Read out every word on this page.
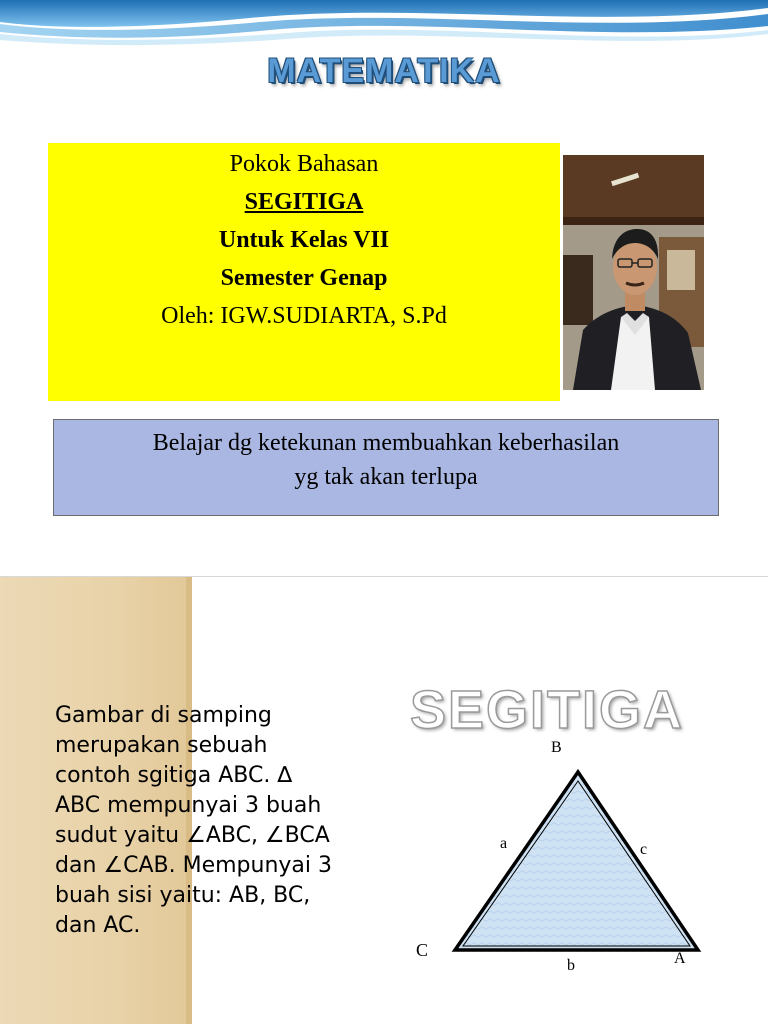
MATEMATIKA
Pokok Bahasan
SEGITIGA
Untuk Kelas VII
Semester Genap
Oleh: IGW.SUDIARTA, S.Pd
Belajar dg ketekunan membuahkan keberhasilan
yg tak akan terlupa
Gambar di samping
merupakan sebuah
contoh sgitiga ABC. ∆
ABC mempunyai 3 buah
sudut yaitu ∠ABC, ∠BCA
dan ∠CAB. Mempunyai 3
buah sisi yaitu: AB, BC,
dan AC.
SEGITIGA
B
C	A
a	c
b
